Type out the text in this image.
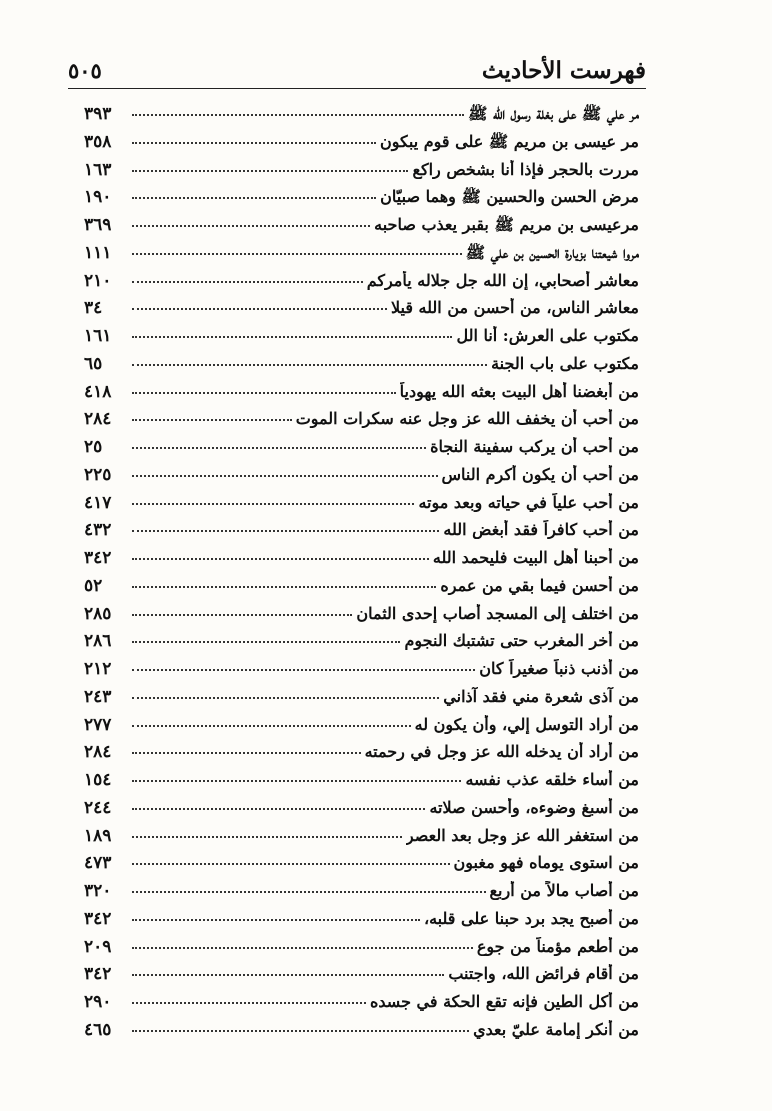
فهرست الأحاديث
٥٠٥
مر علي ﷺ على بغلة رسول الله ﷺ
٣٩٣
مر عيسى بن مريم ﷺ على قوم يبكون
٣٥٨
مررت بالحجر فإذا أنا بشخص راكع
١٦٣
مرض الحسن والحسين ﷺ وهما صبيّان
١٩٠
مرعيسى بن مريم ﷺ بقبر يعذب صاحبه
٣٦٩
مروا شيعتنا بزيارة الحسين بن علي ﷺ
١١١
معاشر أصحابي، إن الله جل جلاله يأمركم
٢١٠
معاشر الناس، من أحسن من الله قيلا
٣٤
مكتوب على العرش: أنا الل
١٦١
مكتوب على باب الجنة
٦٥
من أبغضنا أهل البيت بعثه الله يهودياً
٤١٨
من أحب أن يخفف الله عز وجل عنه سكرات الموت
٢٨٤
من أحب أن يركب سفينة النجاة
٢٥
من أحب أن يكون أكرم الناس
٢٢٥
من أحب علياً في حياته وبعد موته
٤١٧
من أحب كافراً فقد أبغض الله
٤٣٢
من أحبنا أهل البيت فليحمد الله
٣٤٢
من أحسن فيما بقي من عمره
٥٢
من اختلف إلى المسجد أصاب إحدى الثمان
٢٨٥
من أخر المغرب حتى تشتبك النجوم
٢٨٦
من أذنب ذنباً صغيراً كان
٢١٢
من آذى شعرة مني فقد آذاني
٢٤٣
من أراد التوسل إلي، وأن يكون له
٢٧٧
من أراد أن يدخله الله عز وجل في رحمته
٢٨٤
من أساء خلقه عذب نفسه
١٥٤
من أسبغ وضوءه، وأحسن صلاته
٢٤٤
من استغفر الله عز وجل بعد العصر
١٨٩
من استوى يوماه فهو مغبون
٤٧٣
من أصاب مالاً من أربع
٣٢٠
من أصبح يجد برد حبنا على قلبه،
٣٤٢
من أطعم مؤمناً من جوع
٢٠٩
من أقام فرائض الله، واجتنب
٣٤٢
من أكل الطين فإنه تقع الحكة في جسده
٢٩٠
من أنكر إمامة عليّ بعدي
٤٦٥
